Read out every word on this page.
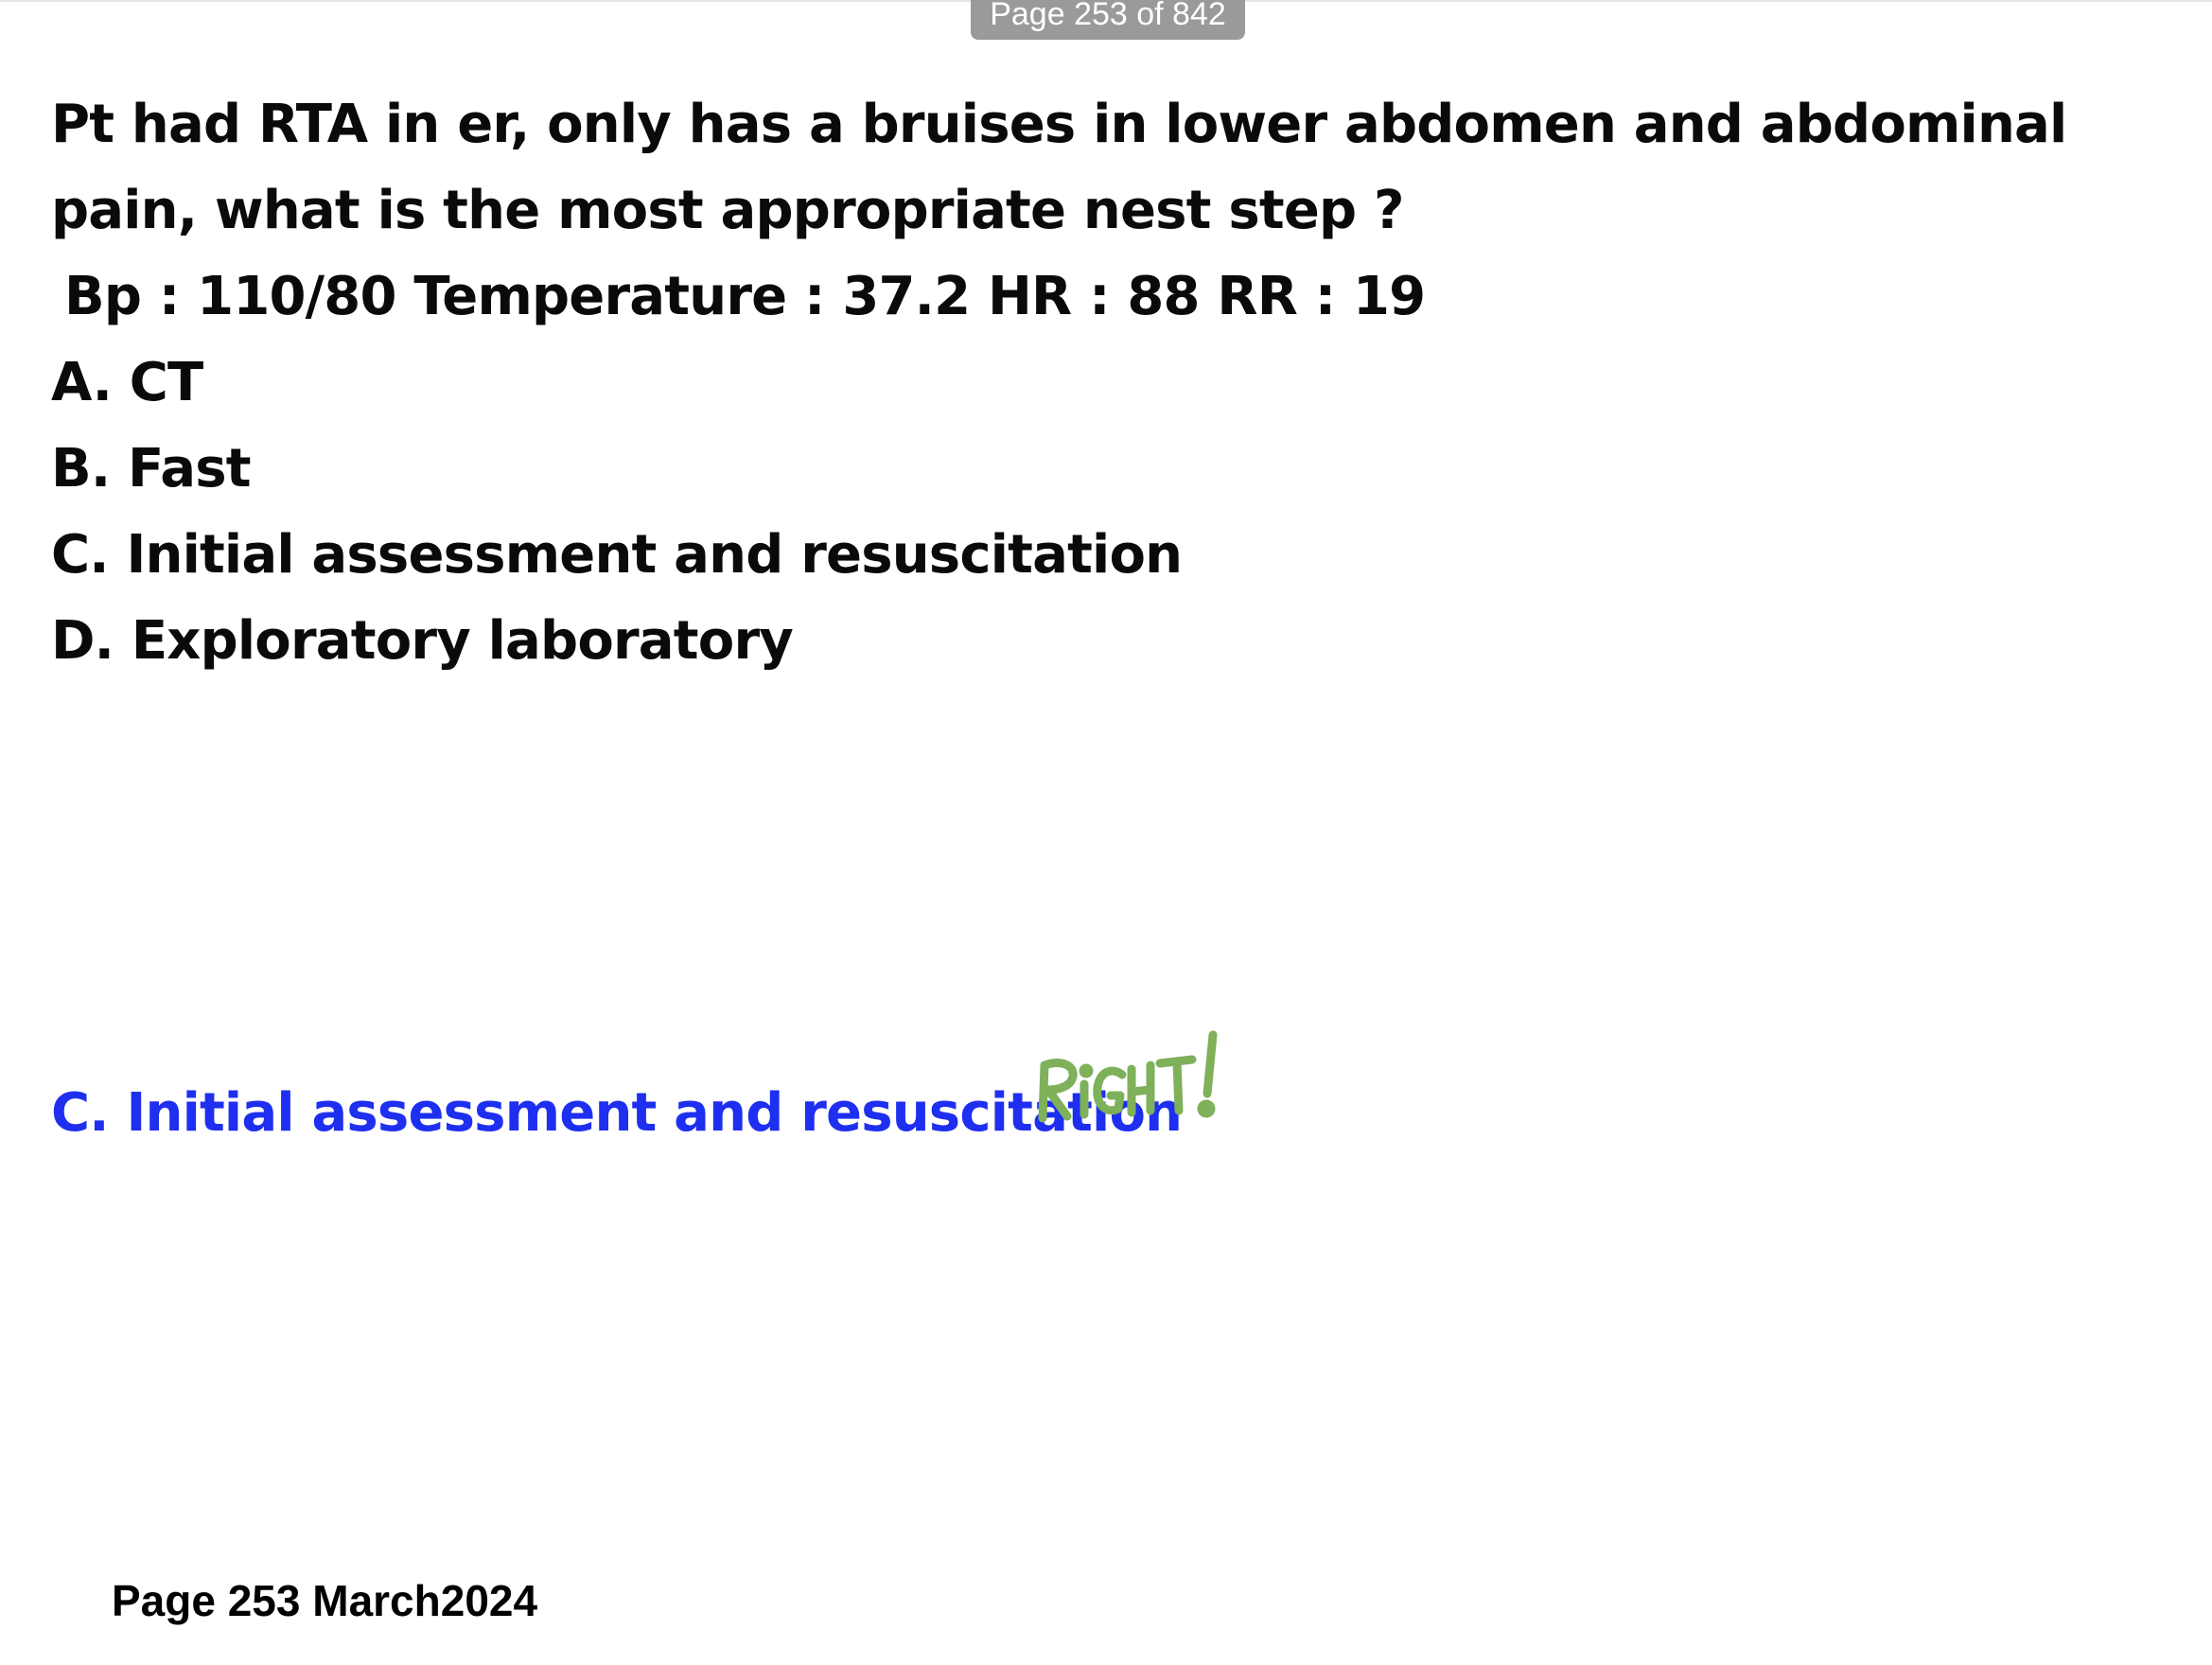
Page 253 of 842

Pt had RTA in er, only has a bruises in lower abdomen and abdominal pain, what is the most appropriate nest step ?

Bp : 110/80 Temperature : 37.2 HR : 88 RR : 19

A. CT
B. Fast
C. Initial assessment and resuscitation
D. Exploratory laboratory

C. Initial assessment and resuscitation

Page 253 March2024
